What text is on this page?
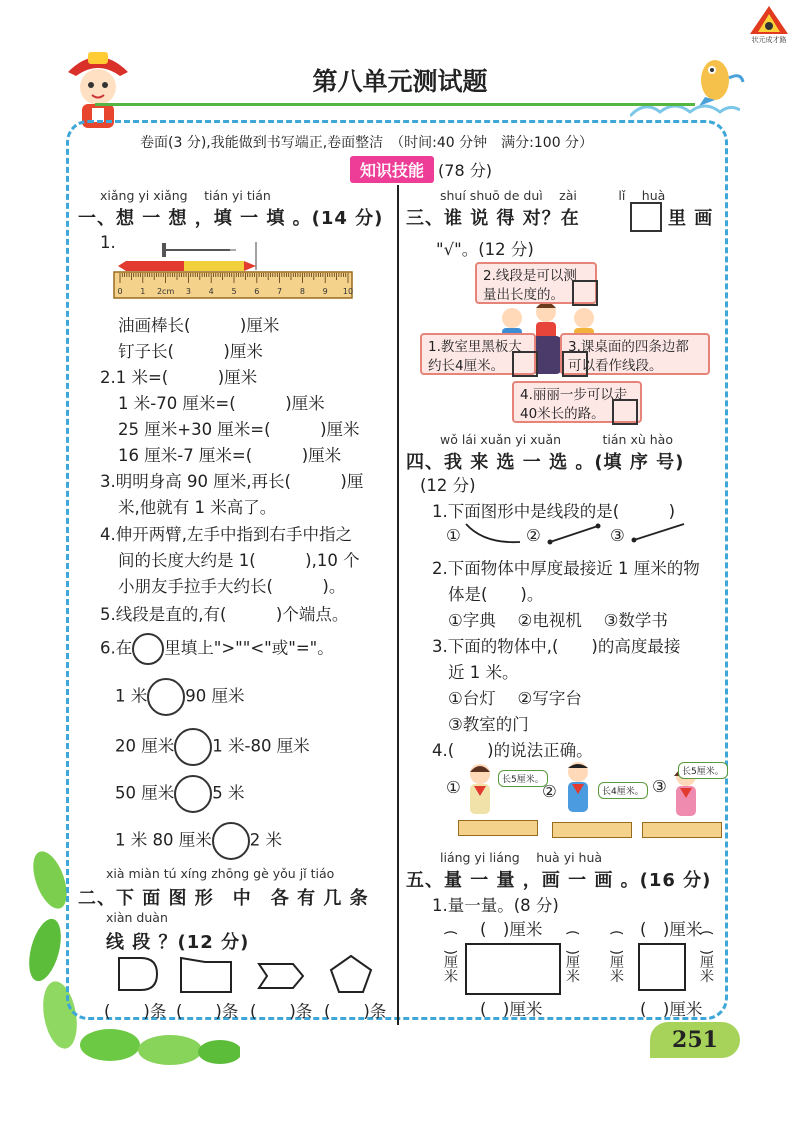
状元成才路
第八单元测试题
卷面(3 分),我能做到书写端正,卷面整洁　（时间:40 分钟　满分:100 分）
知识技能 (78 分)
xiǎng yi xiǎng　 tián yi tián
一、想 一 想 ，填 一 填 。(14 分)
1.
0 1 2cm 3 4 5 6 7 8 9 10
油画棒长(　　　)厘米
钉子长(　　　)厘米
2.1 米=(　　　)厘米
1 米-70 厘米=(　　　)厘米
25 厘米+30 厘米=(　　　)厘米
16 厘米-7 厘米=(　　　)厘米
3.明明身高 90 厘米,再长(　　　)厘
米,他就有 1 米高了。
4.伸开两臂,左手中指到右手中指之
间的长度大约是 1(　　　),10 个
小朋友手拉手大约长(　　　)。
5.线段是直的,有(　　　)个端点。
6.在 里填上">""<"或"="。
1 米 90 厘米
20 厘米 1 米-80 厘米
50 厘米 5 米
1 米 80 厘米 2 米
xià miàn tú xíng zhōng gè yǒu jǐ tiáo
二、下 面 图 形　中　各 有 几 条
xiàn duàn
线 段 ？(12 分)
(　　)条 (　　)条 (　　)条 (　　)条
shuí shuō de duì　 zài　　　 lǐ　 huà
三、谁 说 得 对？在	里 画
"√"。(12 分)
2.线段是可以测量出长度的。
1.教室里黑板大约长4厘米。
3.课桌面的四条边都可以看作线段。
4.丽丽一步可以走40米长的路。
wǒ lái xuǎn yi xuǎn　　　 tián xù hào
四、我 来 选 一 选 。(填 序 号)
(12 分)
1.下面图形中是线段的是(　　　)
①	②	③
2.下面物体中厚度最接近 1 厘米的物
体是(　　)。
①字典　 ②电视机　 ③数学书
3.下面的物体中,(　　)的高度最接
近 1 米。
①台灯　 ②写字台
③教室的门
4.(　　)的说法正确。
①	长5厘米。
②	长4厘米。 ③
长5厘米。
liáng yi liáng　 huà yi huà
五、量 一 量 ，画 一 画 。(16 分)
1.量一量。(8 分)
(　)厘米
(　)厘米
(　)厘米	(　)厘米
(　)厘米
(　)厘米
(　)厘米	(　)厘米
251
